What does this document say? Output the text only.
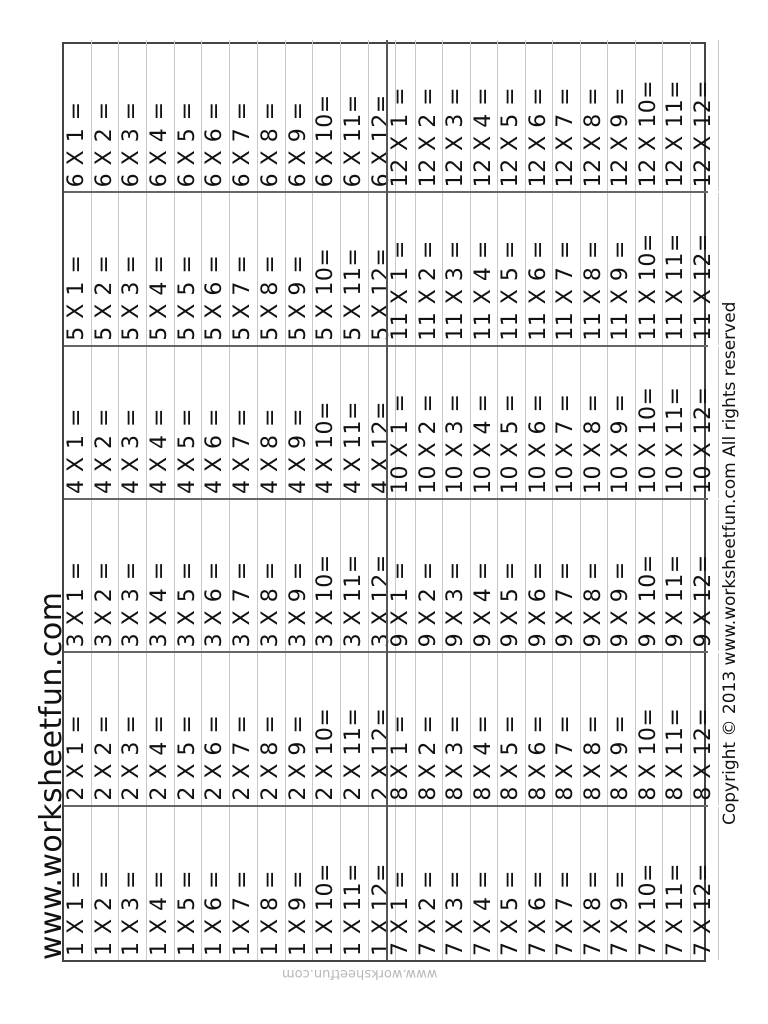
www.worksheetfun.com
1 X 1 = 1 X 2 = 1 X 3 = 1 X 4 = 1 X 5 = 1 X 6 = 1 X 7 = 1 X 8 = 1 X 9 = 1 X 10= 1 X 11= 1 X 12=
2 X 1 = 2 X 2 = 2 X 3 = 2 X 4 = 2 X 5 = 2 X 6 = 2 X 7 = 2 X 8 = 2 X 9 = 2 X 10= 2 X 11= 2 X 12=
3 X 1 = 3 X 2 = 3 X 3 = 3 X 4 = 3 X 5 = 3 X 6 = 3 X 7 = 3 X 8 = 3 X 9 = 3 X 10= 3 X 11= 3 X 12=
4 X 1 = 4 X 2 = 4 X 3 = 4 X 4 = 4 X 5 = 4 X 6 = 4 X 7 = 4 X 8 = 4 X 9 = 4 X 10= 4 X 11= 4 X 12=
5 X 1 = 5 X 2 = 5 X 3 = 5 X 4 = 5 X 5 = 5 X 6 = 5 X 7 = 5 X 8 = 5 X 9 = 5 X 10= 5 X 11= 5 X 12=
6 X 1 = 6 X 2 = 6 X 3 = 6 X 4 = 6 X 5 = 6 X 6 = 6 X 7 = 6 X 8 = 6 X 9 = 6 X 10= 6 X 11= 6 X 12=
7 X 1 = 7 X 2 = 7 X 3 = 7 X 4 = 7 X 5 = 7 X 6 = 7 X 7 = 7 X 8 = 7 X 9 = 7 X 10= 7 X 11= 7 X 12=
8 X 1 = 8 X 2 = 8 X 3 = 8 X 4 = 8 X 5 = 8 X 6 = 8 X 7 = 8 X 8 = 8 X 9 = 8 X 10= 8 X 11= 8 X 12=
9 X 1 = 9 X 2 = 9 X 3 = 9 X 4 = 9 X 5 = 9 X 6 = 9 X 7 = 9 X 8 = 9 X 9 = 9 X 10= 9 X 11= 9 X 12=
10 X 1 = 10 X 2 = 10 X 3 = 10 X 4 = 10 X 5 = 10 X 6 = 10 X 7 = 10 X 8 = 10 X 9 = 10 X 10= 10 X 11= 10 X 12=
11 X 1 = 11 X 2 = 11 X 3 = 11 X 4 = 11 X 5 = 11 X 6 = 11 X 7 = 11 X 8 = 11 X 9 = 11 X 10= 11 X 11= 11 X 12=
12 X 1 = 12 X 2 = 12 X 3 = 12 X 4 = 12 X 5 = 12 X 6 = 12 X 7 = 12 X 8 = 12 X 9 = 12 X 10= 12 X 11= 12 X 12=
Copyright © 2013 www.worksheetfun.com All rights reserved
www.worksheetfun.com
